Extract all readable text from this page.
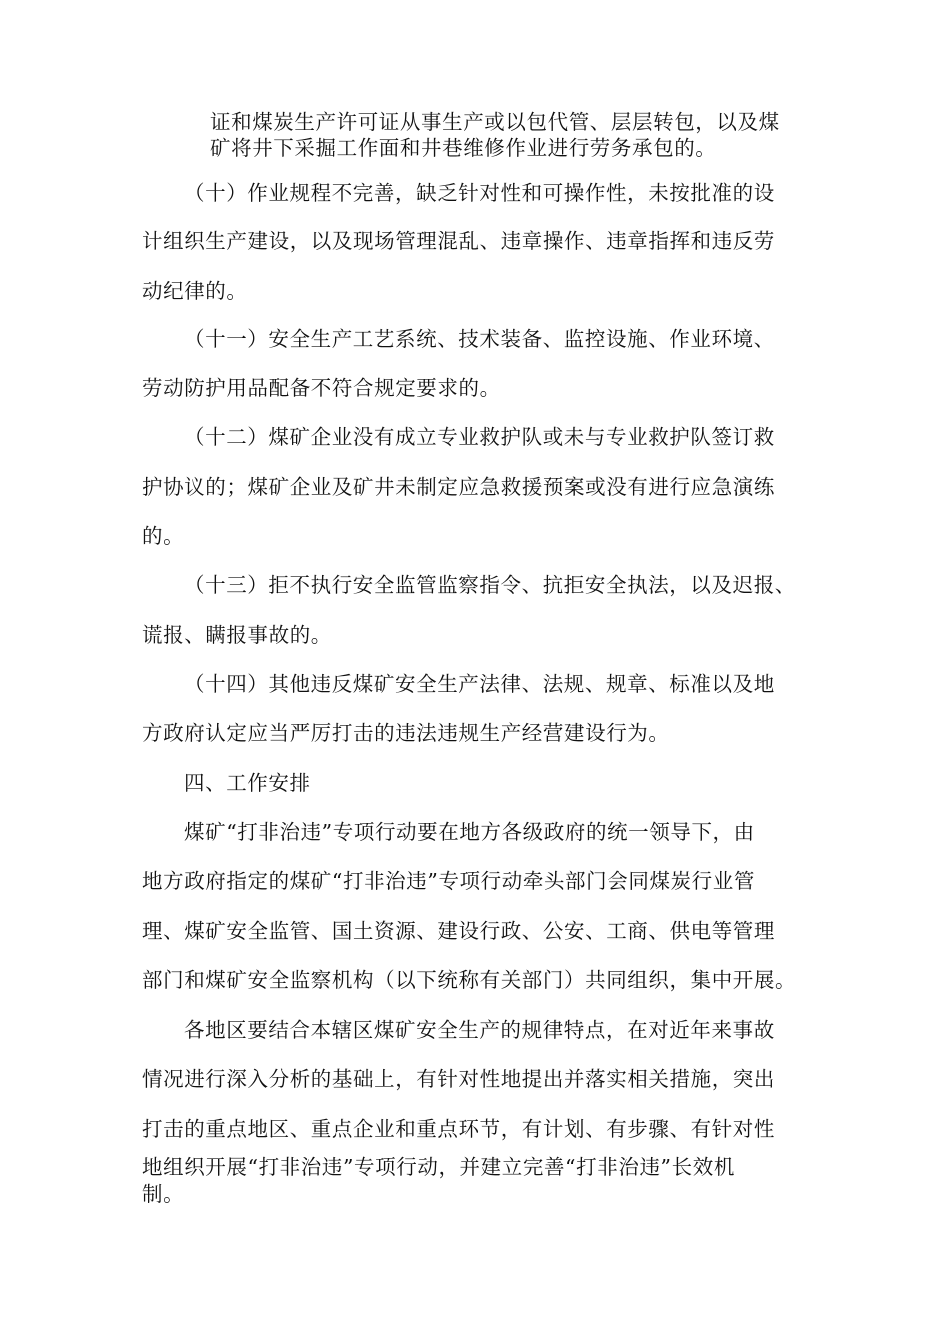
证和煤炭生产许可证从事生产或以包代管、层层转包，以及煤
矿将井下采掘工作面和井巷维修作业进行劳务承包的。
（十）作业规程不完善，缺乏针对性和可操作性，未按批准的设
计组织生产建设，以及现场管理混乱、违章操作、违章指挥和违反劳
动纪律的。
（十一）安全生产工艺系统、技术装备、监控设施、作业环境、
劳动防护用品配备不符合规定要求的。
（十二）煤矿企业没有成立专业救护队或未与专业救护队签订救
护协议的；煤矿企业及矿井未制定应急救援预案或没有进行应急演练
的。
（十三）拒不执行安全监管监察指令、抗拒安全执法，以及迟报、
谎报、瞒报事故的。
（十四）其他违反煤矿安全生产法律、法规、规章、标准以及地
方政府认定应当严厉打击的违法违规生产经营建设行为。
四、工作安排
煤矿“打非治违”专项行动要在地方各级政府的统一领导下，由
地方政府指定的煤矿“打非治违”专项行动牵头部门会同煤炭行业管
理、煤矿安全监管、国土资源、建设行政、公安、工商、供电等管理
部门和煤矿安全监察机构（以下统称有关部门）共同组织，集中开展。
各地区要结合本辖区煤矿安全生产的规律特点，在对近年来事故
情况进行深入分析的基础上，有针对性地提出并落实相关措施，突出
打击的重点地区、重点企业和重点环节，有计划、有步骤、有针对性
地组织开展“打非治违”专项行动，并建立完善“打非治违”长效机
制。
